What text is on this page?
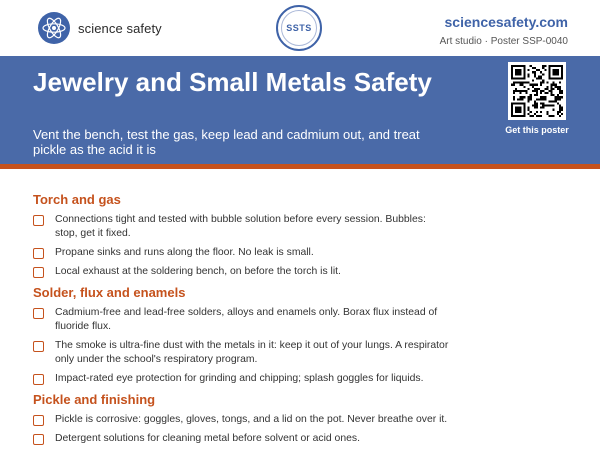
science safety	SSTS	sciencesafety.com
Art studio · Poster SSP-0040
Jewelry and Small Metals Safety

Vent the bench, test the gas, keep lead and cadmium out, and treat pickle as the acid it is

Get this poster
Torch and gas
Connections tight and tested with bubble solution before every session. Bubbles: stop, get it fixed.
Propane sinks and runs along the floor. No leak is small.
Local exhaust at the soldering bench, on before the torch is lit.
Solder, flux and enamels
Cadmium-free and lead-free solders, alloys and enamels only. Borax flux instead of fluoride flux.
The smoke is ultra-fine dust with the metals in it: keep it out of your lungs. A respirator only under the school's respiratory program.
Impact-rated eye protection for grinding and chipping; splash goggles for liquids.
Pickle and finishing
Pickle is corrosive: goggles, gloves, tongs, and a lid on the pot. Never breathe over it.
Detergent solutions for cleaning metal before solvent or acid ones.
